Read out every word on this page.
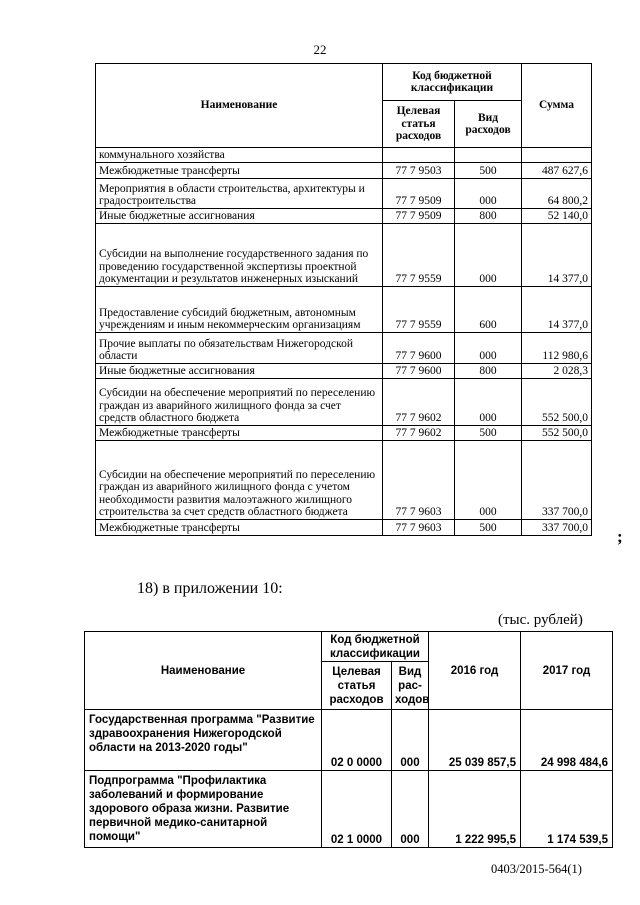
22
Наименование	Код бюджетной классификации		Сумма
	Целевая статья расходов	Вид расходов	
коммунального хозяйства			
Межбюджетные трансферты	77 7 9503	500	487 627,6
Мероприятия в области строительства, архитектуры и градостроительства	77 7 9509	000	64 800,2
Иные бюджетные ассигнования	77 7 9509	800	52 140,0
Субсидии на выполнение государственного задания по проведению государственной экспертизы проектной документации и результатов инженерных изысканий	77 7 9559	000	14 377,0
Предоставление субсидий бюджетным, автономным учреждениям и иным некоммерческим организациям	77 7 9559	600	14 377,0
Прочие выплаты по обязательствам Нижегородской области	77 7 9600	000	112 980,6
Иные бюджетные ассигнования	77 7 9600	800	2 028,3
Субсидии на обеспечение мероприятий по переселению граждан из аварийного жилищного фонда за счет средств областного бюджета	77 7 9602	000	552 500,0
Межбюджетные трансферты	77 7 9602	500	552 500,0
Субсидии на обеспечение мероприятий по переселению граждан из аварийного жилищного фонда с учетом необходимости развития малоэтажного жилищного строительства за счет средств областного бюджета	77 7 9603	000	337 700,0
Межбюджетные трансферты	77 7 9603	500	337 700,0 ;
18) в приложении 10:
(тыс. рублей)
Наименование	Код бюджетной классификации		2016 год	2017 год
	Целевая статья расходов	Вид рас-ходов		
Государственная программа "Развитие здравоохранения Нижегородской области на 2013-2020 годы"	02 0 0000	000	25 039 857,5	24 998 484,6
Подпрограмма "Профилактика заболеваний и формирование здорового образа жизни. Развитие первичной медико-санитарной помощи"	02 1 0000	000	1 222 995,5	1 174 539,5
0403/2015-564(1)
